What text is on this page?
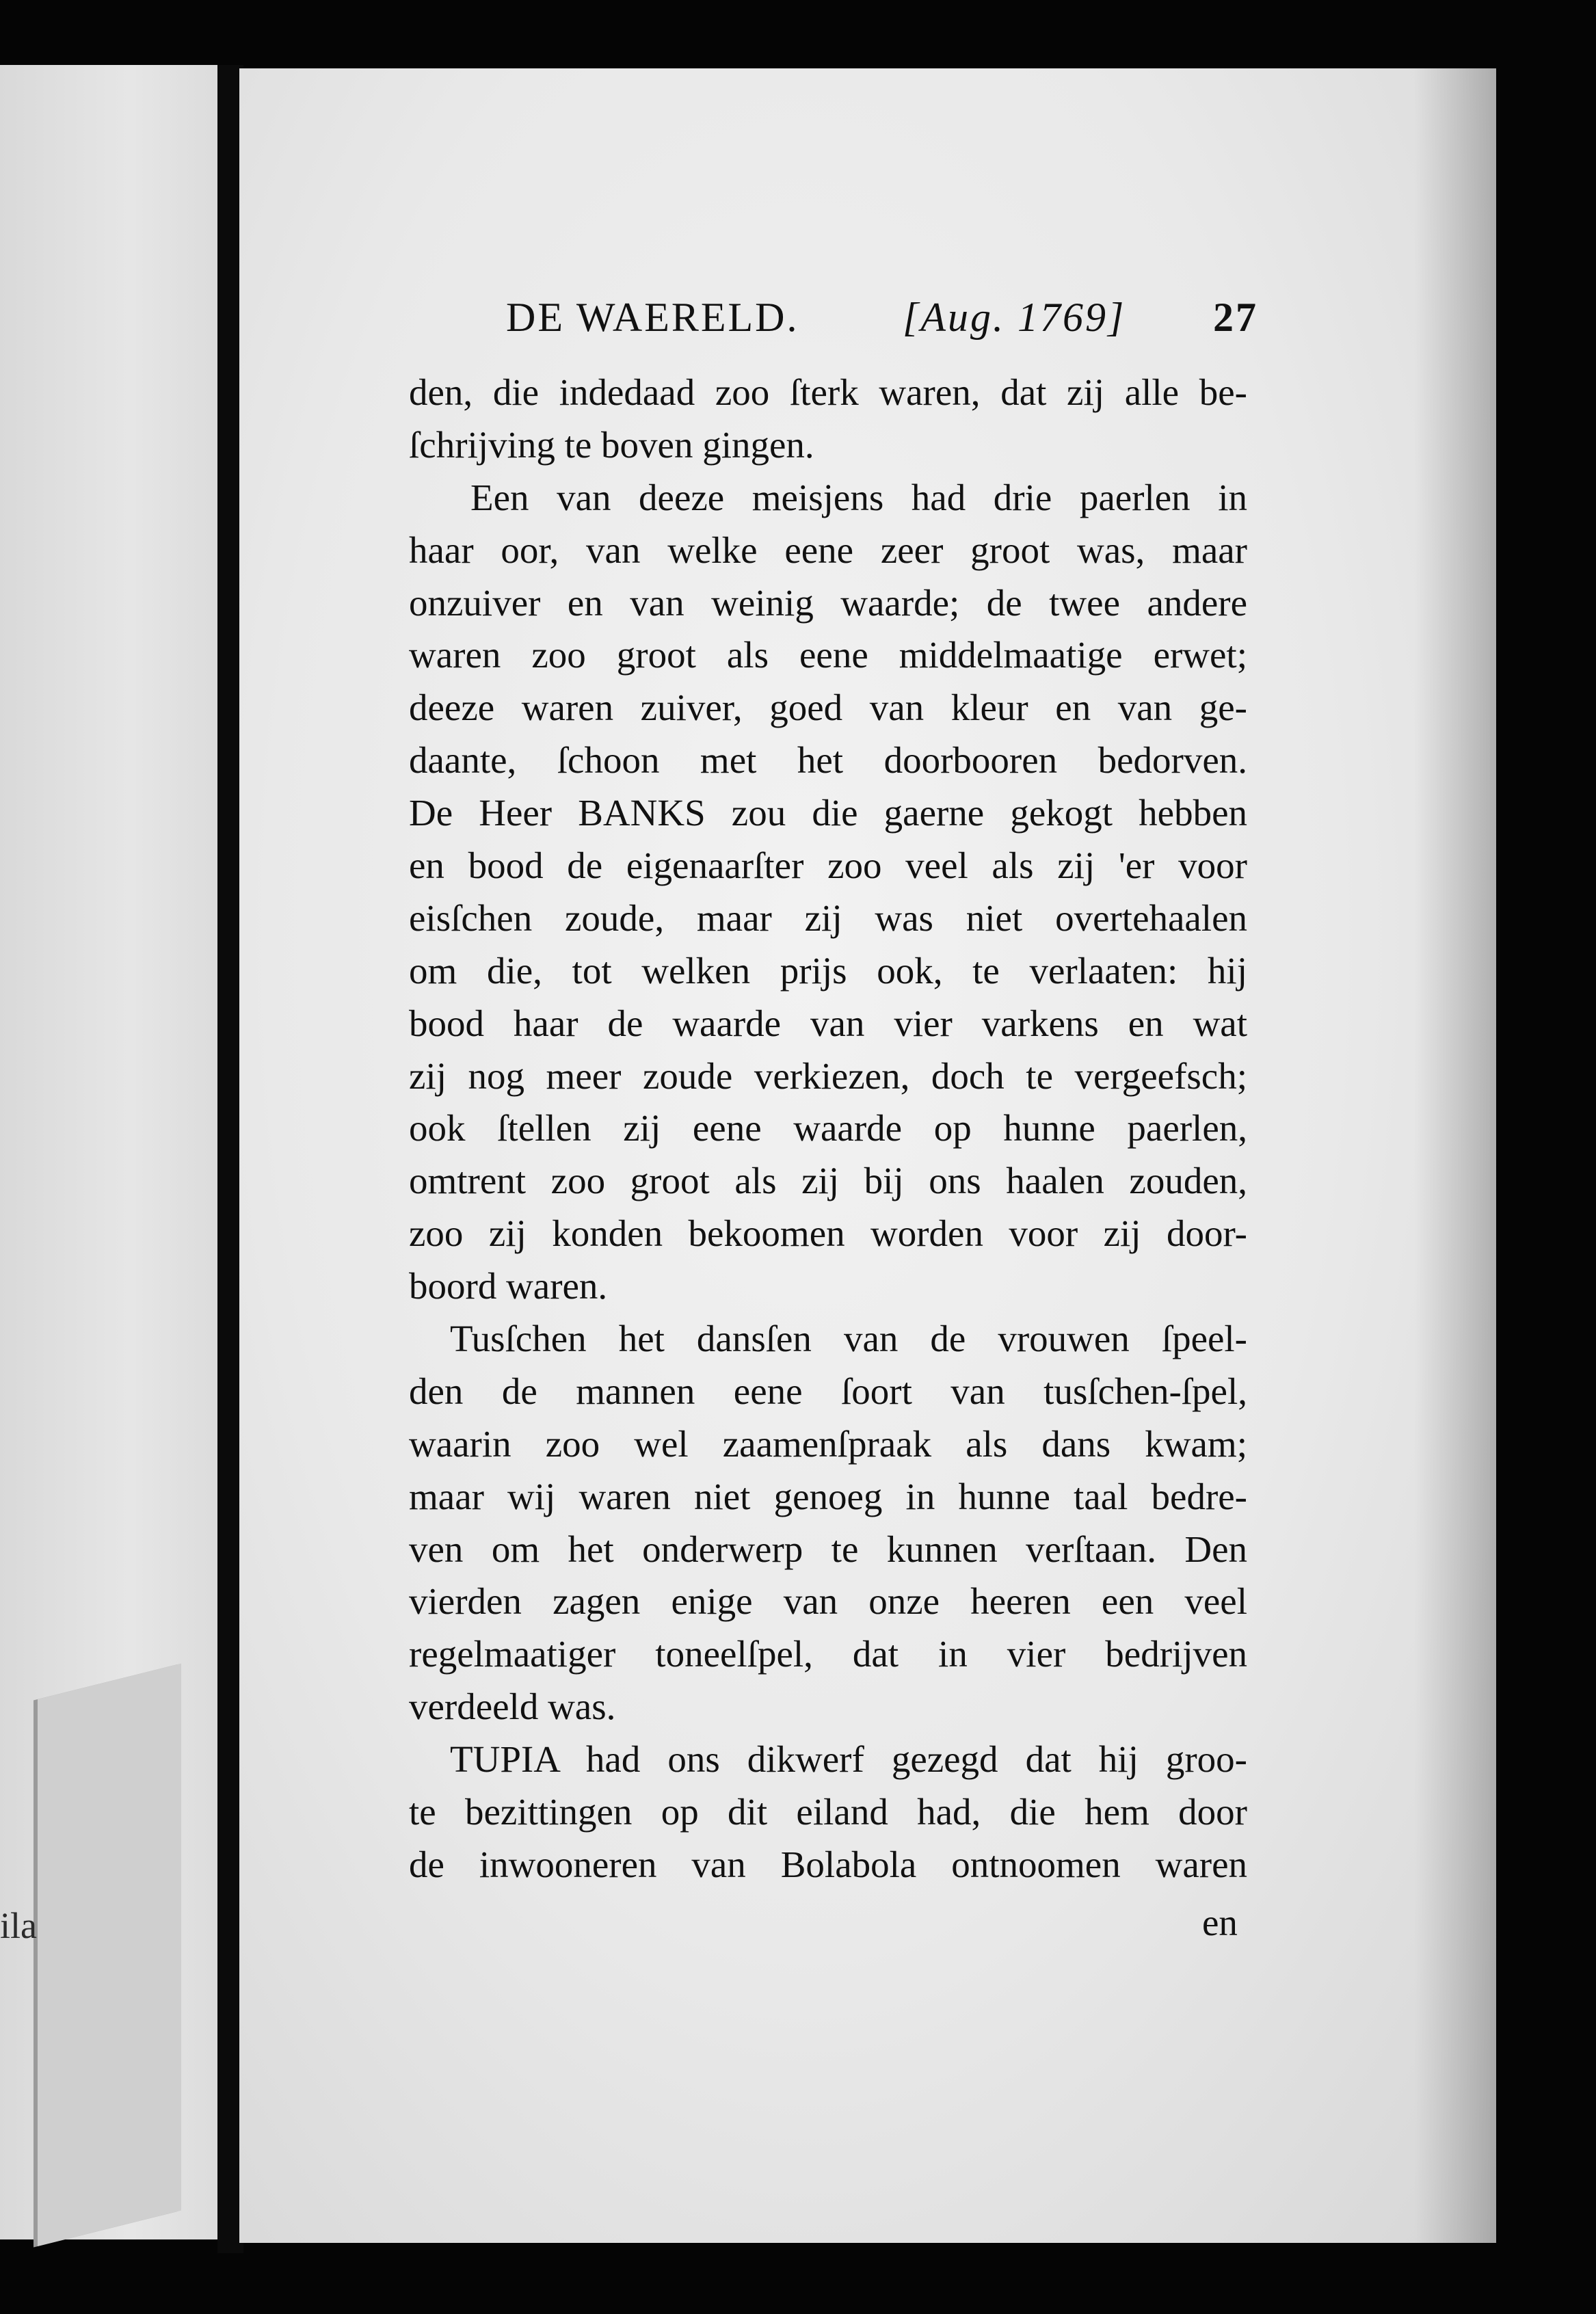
ila
DE WAERELD.	[Aug. 1769] 27
den, die indedaad zoo ſterk waren, dat zij alle be-
ſchrijving te boven gingen.
Een van deeze meisjens had drie paerlen in
haar oor, van welke eene zeer groot was, maar
onzuiver en van weinig waarde; de twee andere
waren zoo groot als eene middelmaatige erwet;
deeze waren zuiver, goed van kleur en van ge-
daante, ſchoon met het doorbooren bedorven.
De Heer BANKS zou die gaerne gekogt hebben
en bood de eigenaarſter zoo veel als zij 'er voor
eisſchen zoude, maar zij was niet overtehaalen
om die, tot welken prijs ook, te verlaaten: hij
bood haar de waarde van vier varkens en wat
zij nog meer zoude verkiezen, doch te vergeefsch;
ook ſtellen zij eene waarde op hunne paerlen,
omtrent zoo groot als zij bij ons haalen zouden,
zoo zij konden bekoomen worden voor zij door-
boord waren.
Tusſchen het dansſen van de vrouwen ſpeel-
den de mannen eene ſoort van tusſchen-ſpel,
waarin zoo wel zaamenſpraak als dans kwam;
maar wij waren niet genoeg in hunne taal bedre-
ven om het onderwerp te kunnen verſtaan. Den
vierden zagen enige van onze heeren een veel
regelmaatiger toneelſpel, dat in vier bedrijven
verdeeld was.
TUPIA had ons dikwerf gezegd dat hij groo-
te bezittingen op dit eiland had, die hem door
de inwooneren van Bolabola ontnoomen waren
en
